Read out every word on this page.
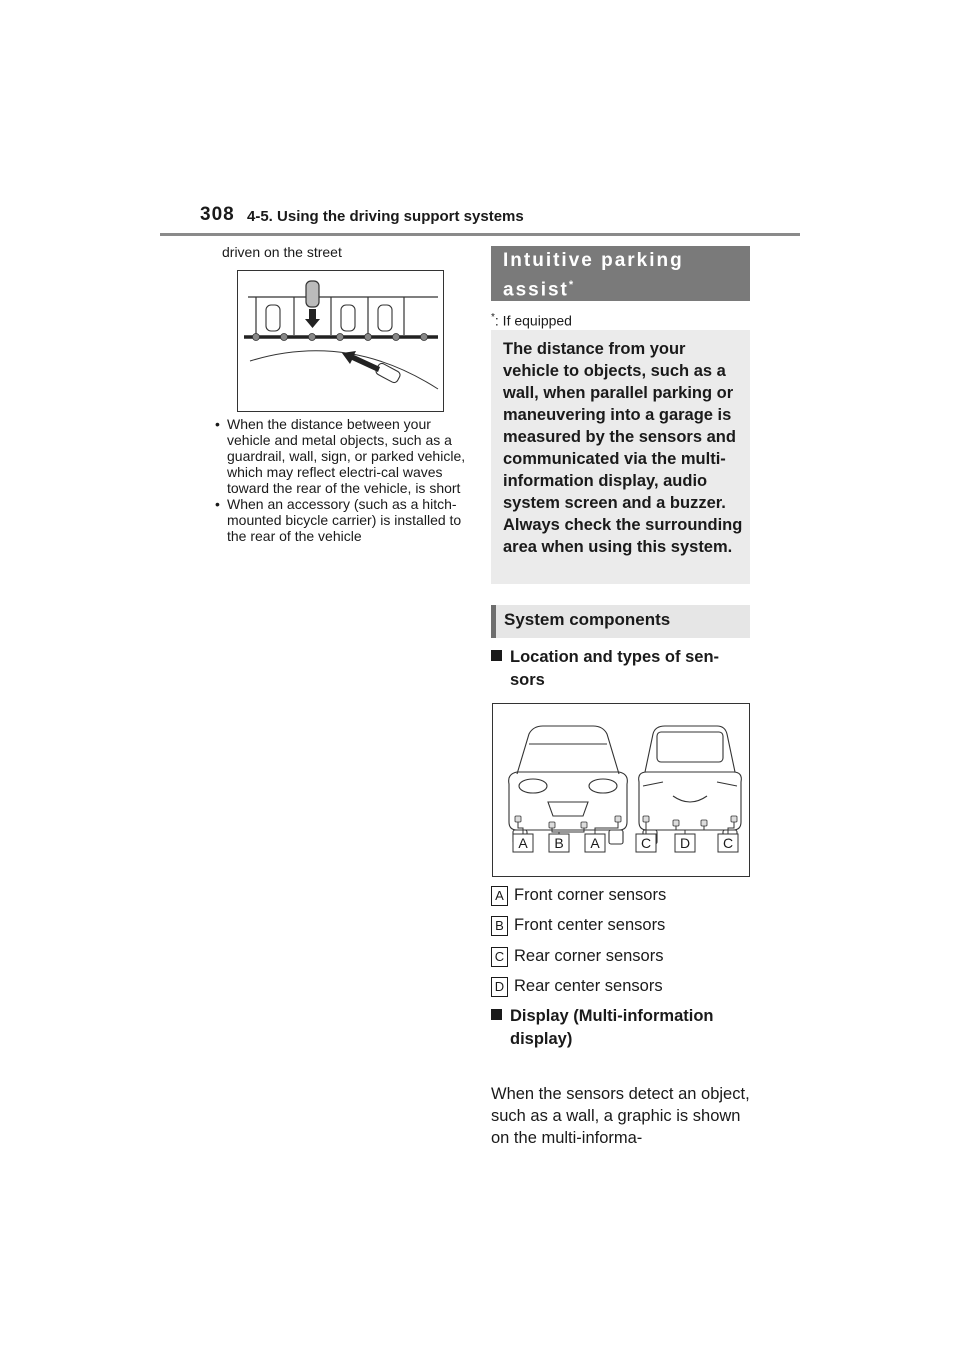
308 4-5. Using the driving support systems
driven on the street
• When the distance between your vehicle and metal objects, such as a guardrail, wall, sign, or parked vehicle, which may reflect electri-cal waves toward the rear of the vehicle, is short
• When an accessory (such as a hitch-mounted bicycle carrier) is installed to the rear of the vehicle
Intuitive parking assist*
*: If equipped
The distance from your vehicle to objects, such as a wall, when parallel parking or maneuvering into a garage is measured by the sensors and communicated via the multi-information display, audio system screen and a buzzer. Always check the surrounding area when using this system.
System components
Location and types of sen-
sors
A B A	C D C
A Front corner sensors
B Front center sensors
C Rear corner sensors
D Rear center sensors
Display (Multi-information
display)
When the sensors detect an object, such as a wall, a graphic is shown on the multi-informa-
